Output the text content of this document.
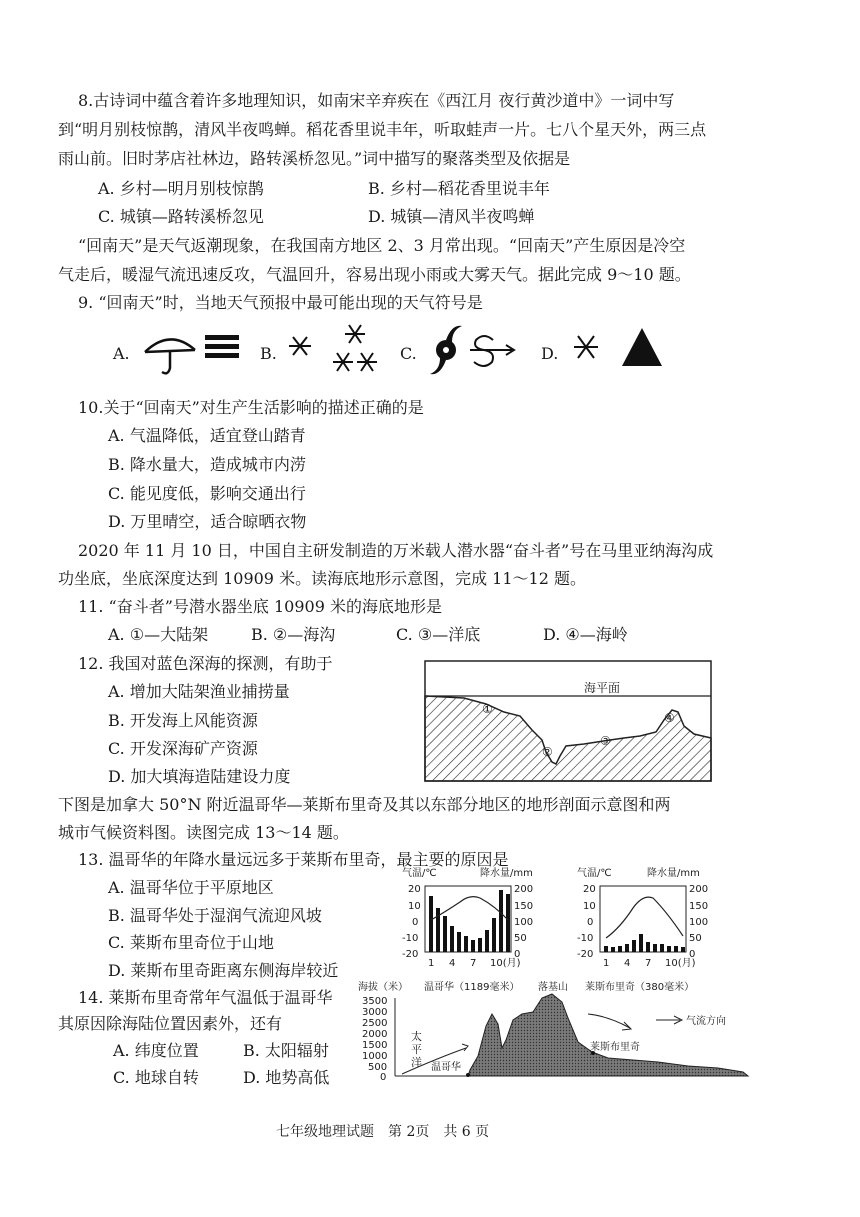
8.古诗词中蕴含着许多地理知识，如南宋辛弃疾在《西江月 夜行黄沙道中》一词中写
到“明月别枝惊鹊，清风半夜鸣蝉。稻花香里说丰年，听取蛙声一片。七八个星天外，两三点
雨山前。旧时茅店社林边，路转溪桥忽见。”词中描写的聚落类型及依据是
A. 乡村—明月别枝惊鹊	B. 乡村—稻花香里说丰年
C. 城镇—路转溪桥忽见	D. 城镇—清风半夜鸣蝉
“回南天”是天气返潮现象，在我国南方地区 2、3 月常出现。“回南天”产生原因是冷空
气走后，暖湿气流迅速反攻，气温回升，容易出现小雨或大雾天气。据此完成 9～10 题。
9. “回南天”时，当地天气预报中最可能出现的天气符号是
A.	B.	C.	D.
10.关于“回南天”对生产生活影响的描述正确的是
A. 气温降低，适宜登山踏青
B. 降水量大，造成城市内涝
C. 能见度低，影响交通出行
D. 万里晴空，适合晾晒衣物
2020 年 11 月 10 日，中国自主研发制造的万米载人潜水器“奋斗者”号在马里亚纳海沟成
功坐底，坐底深度达到 10909 米。读海底地形示意图，完成 11～12 题。
11. “奋斗者”号潜水器坐底 10909 米的海底地形是
A. ①—大陆架	B. ②—海沟	C. ③—洋底	D. ④—海岭
12. 我国对蓝色深海的探测，有助于
A. 增加大陆架渔业捕捞量
B. 开发海上风能资源
C. 开发深海矿产资源
D. 加大填海造陆建设力度
海平面
①
②
③
④
下图是加拿大 50°N 附近温哥华—莱斯布里奇及其以东部分地区的地形剖面示意图和两
城市气候资料图。读图完成 13～14 题。
13. 温哥华的年降水量远远多于莱斯布里奇，最主要的原因是
A. 温哥华位于平原地区
B. 温哥华处于湿润气流迎风坡
C. 莱斯布里奇位于山地
D. 莱斯布里奇距离东侧海岸较近
气温/℃	降水量/mm
20
10
0
-10
-20
200
150
100
50
0
1 4 7 10(月)
气温/℃	降水量/mm
20
10
0
-10
-20
200
150
100
50
0
1 4 7 10(月)
14. 莱斯布里奇常年气温低于温哥华
其原因除海陆位置因素外，还有
A. 纬度位置	B. 太阳辐射
C. 地球自转	D. 地势高低
海拔（米） 温哥华（1189毫米） 落基山 莱斯布里奇（380毫米）
3500
3000
2500
2000
1500
1000
500
0
太
平
洋
气流方向
莱斯布里奇
温哥华
七年级地理试题　第 2页　共 6 页
